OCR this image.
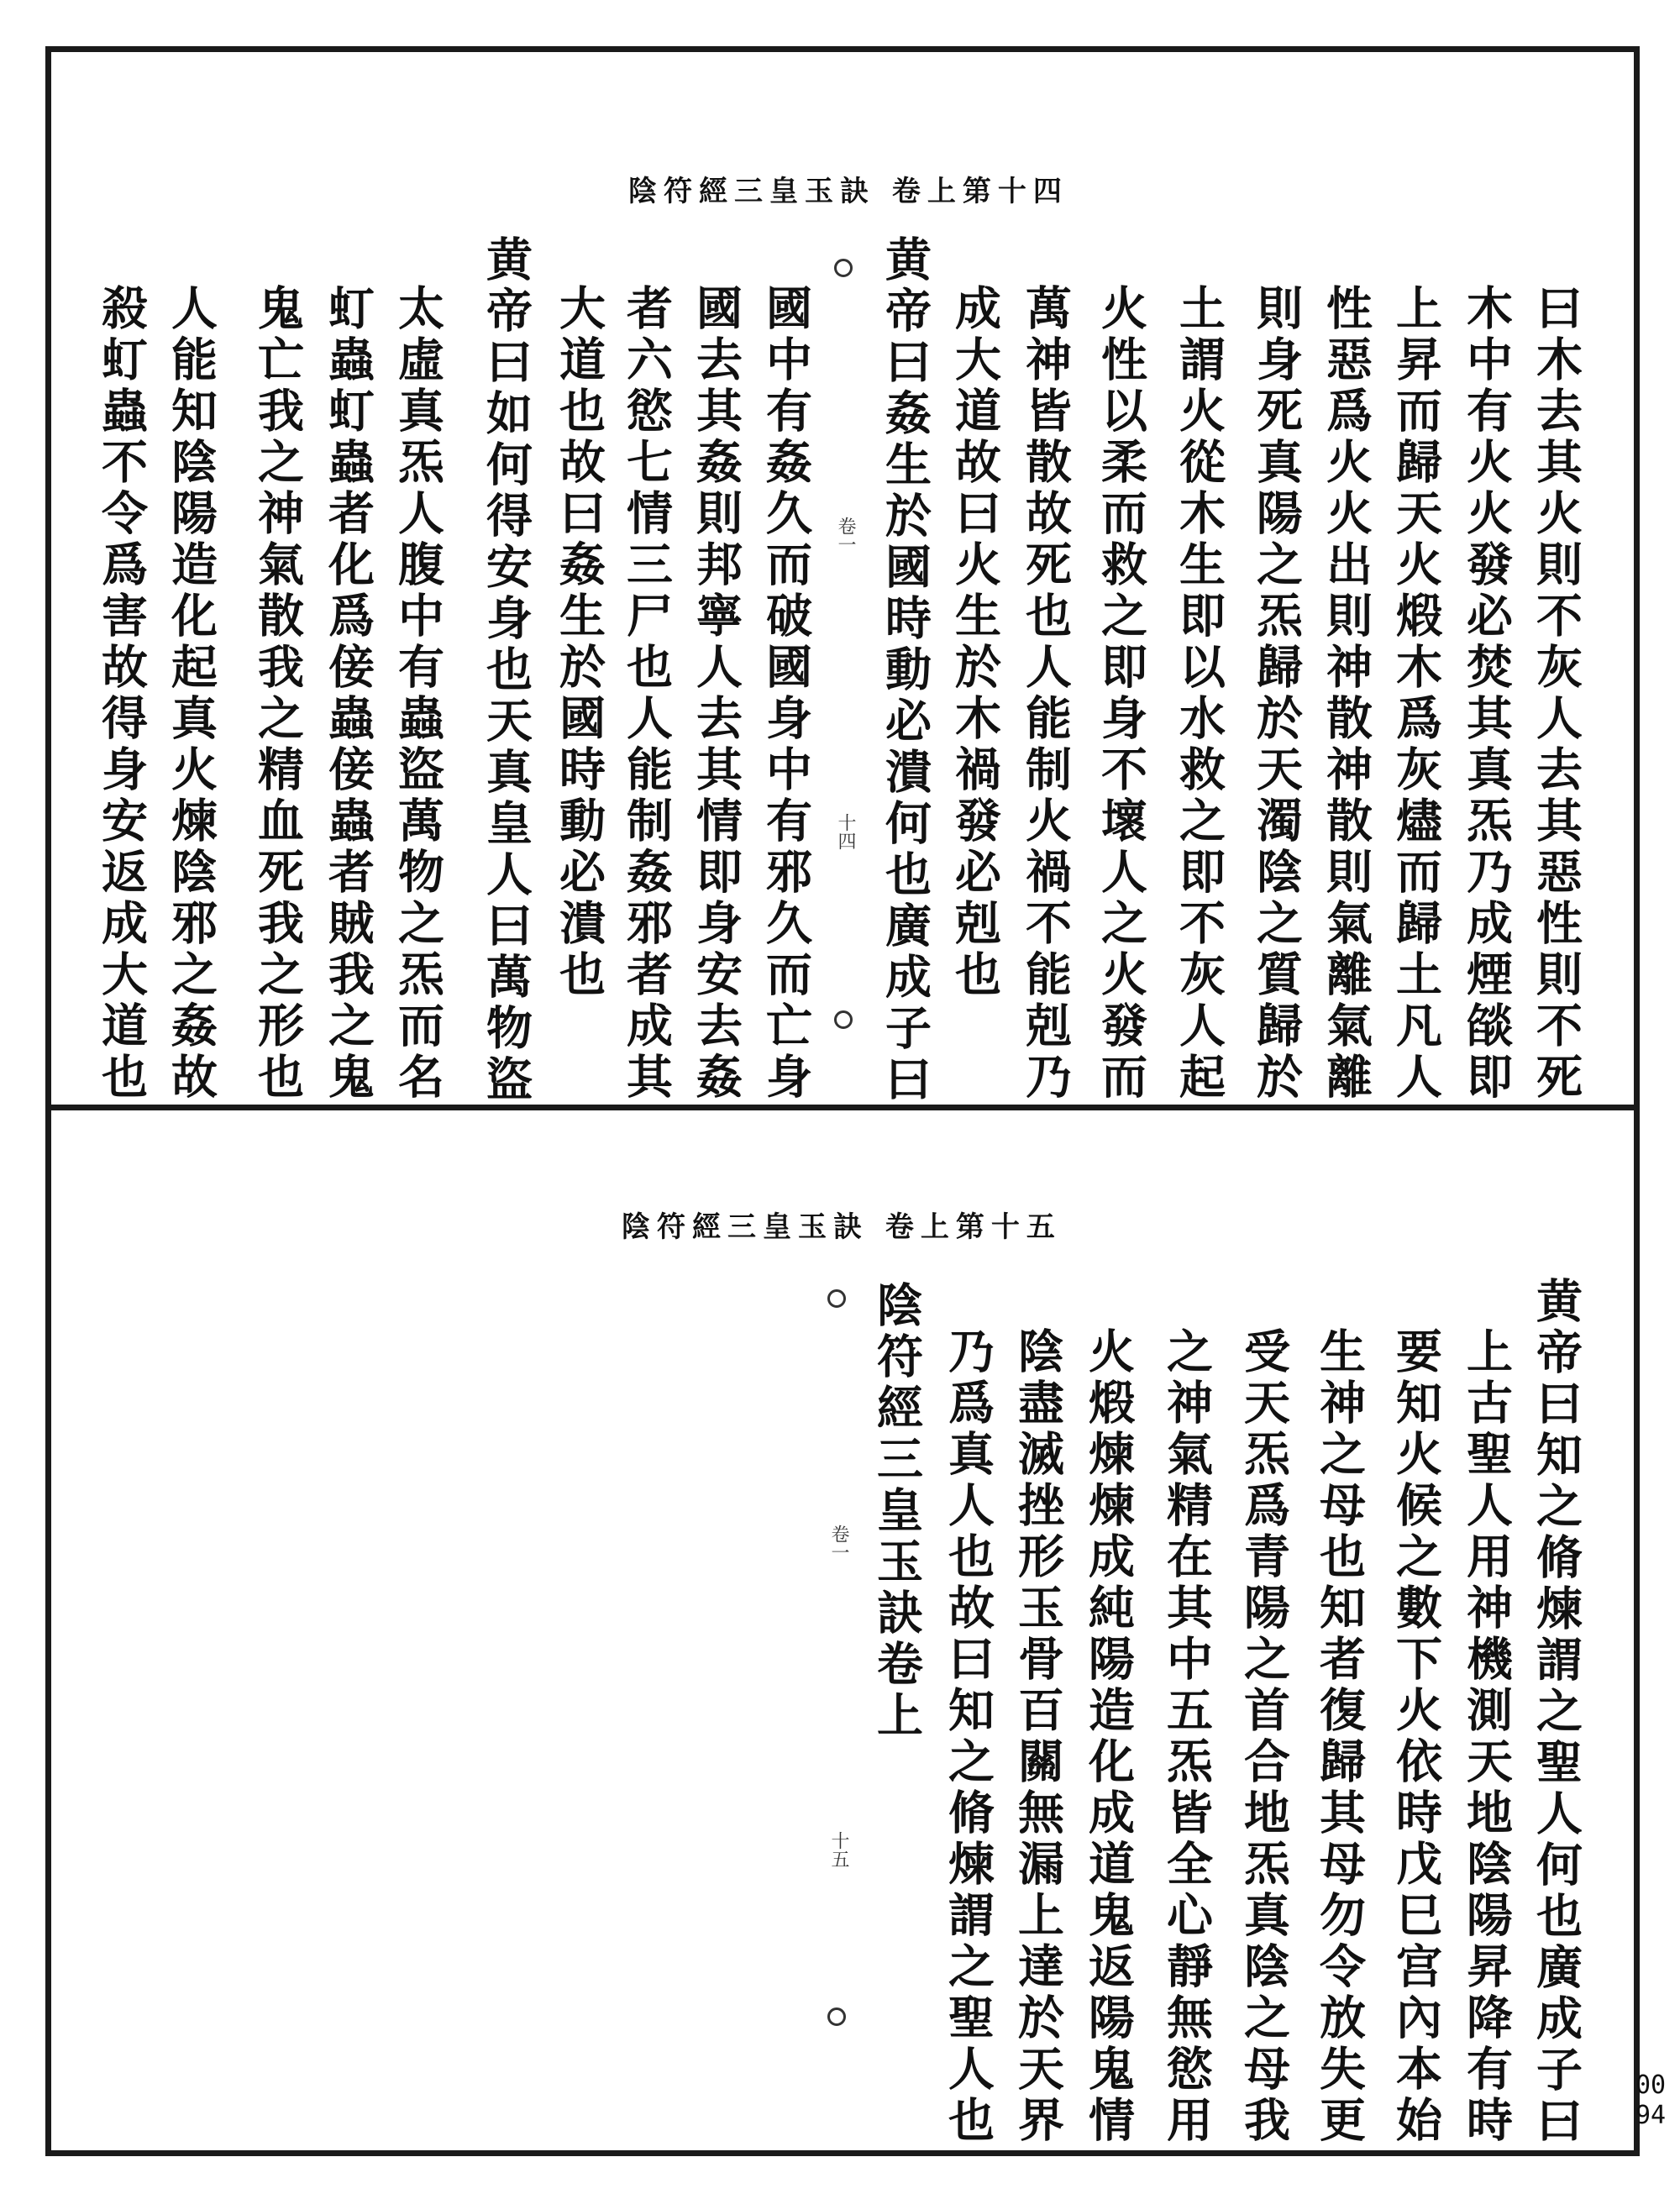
陰符經三皇玉訣 卷上第十四
曰木去其火則不灰人去其惡性則不死
木中有火火發必焚其真炁乃成煙燄即
上昇而歸天火煅木爲灰燼而歸土凡人
性惡爲火火出則神散神散則氣離氣離
則身死真陽之炁歸於天濁陰之質歸於
土謂火從木生即以水救之即不灰人起
火性以柔而救之即身不壞人之火發而
萬神皆散故死也人能制火禍不能剋乃
成大道故曰火生於木禍發必剋也
黄帝曰姦生於國時動必潰何也廣成子曰
國中有姦久而破國身中有邪久而亡身
國去其姦則邦寧人去其情即身安去姦
者六慾七情三尸也人能制姦邪者成其
大道也故曰姦生於國時動必潰也
黄帝曰如何得安身也天真皇人曰萬物盜
太虛真炁人腹中有蟲盜萬物之炁而名
虰蟲虰蟲者化爲倿蟲倿蟲者賊我之鬼
鬼亡我之神氣散我之精血死我之形也
人能知陰陽造化起真火煉陰邪之姦故
殺虰蟲不令爲害故得身安返成大道也	卷一
十四
陰符經三皇玉訣 卷上第十五
黄帝曰知之脩煉謂之聖人何也廣成子曰
上古聖人用神機測天地陰陽昇降有時
要知火候之數下火依時戊巳宫內本始
生神之母也知者復歸其母勿令放失更
受天炁爲青陽之首合地炁真陰之母我
之神氣精在其中五炁皆全心靜無慾用
火煅煉煉成純陽造化成道鬼返陽鬼情
陰盡滅挫形玉骨百關無漏上達於天界
乃爲真人也故曰知之脩煉謂之聖人也
陰符經三皇玉訣卷上
卷一
十五
0094
